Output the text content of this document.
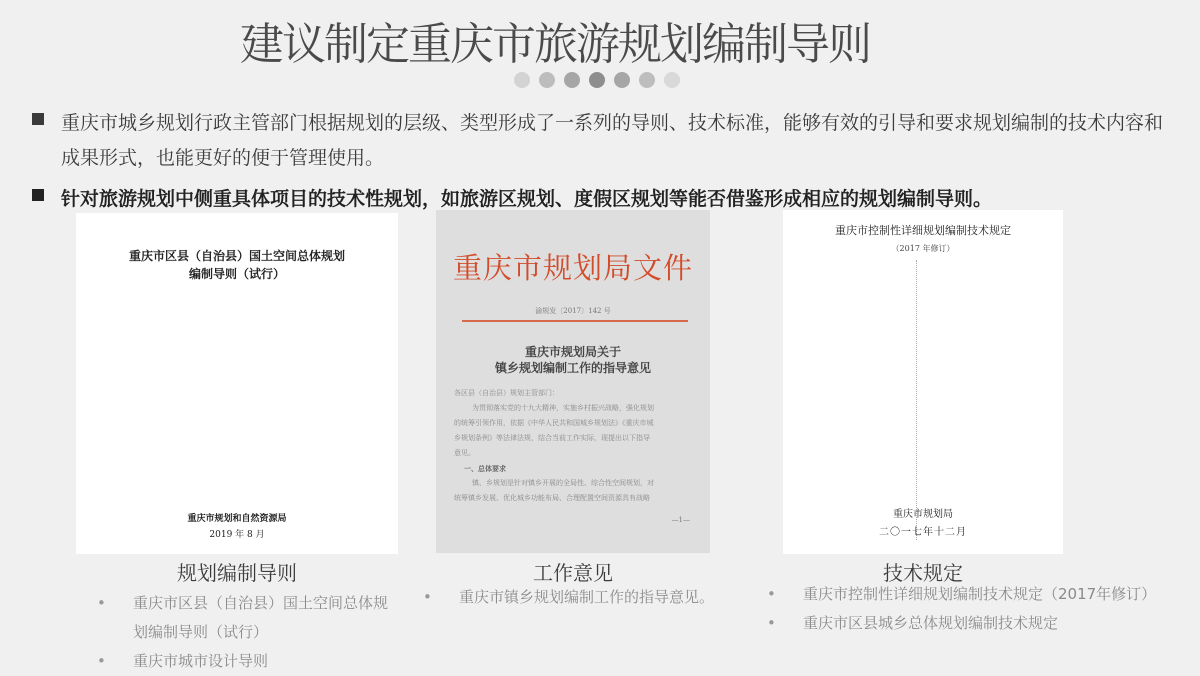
建议制定重庆市旅游规划编制导则
重庆市城乡规划行政主管部门根据规划的层级、类型形成了一系列的导则、技术标准，能够有效的引导和要求规划编制的技术内容和成果形式，也能更好的便于管理使用。
针对旅游规划中侧重具体项目的技术性规划，如旅游区规划、度假区规划等能否借鉴形成相应的规划编制导则。
重庆市区县（自治县）国土空间总体规划
编制导则（试行）
重庆市规划和自然资源局
2019 年 8 月
重庆市规划局文件
渝规发〔2017〕142 号
重庆市规划局关于
镇乡规划编制工作的指导意见
各区县（自治县）规划主管部门：
为贯彻落实党的十九大精神，实施乡村振兴战略，强化规划
的统筹引领作用，依据《中华人民共和国城乡规划法》《重庆市城
乡规划条例》等法律法规，结合当前工作实际，现提出以下指导
意见。
一、总体要求
镇、乡规划是针对镇乡开展的全局性、综合性空间规划，对
统筹镇乡发展、优化城乡功能布局、合理配置空间资源具有战略
—1—
重庆市控制性详细规划编制技术规定
（2017 年修订）
重庆市规划局
二〇一七年十二月
规划编制导则	工作意见	技术规定
• 重庆市区县（自治县）国土空间总体规划编制导则（试行）
• 重庆市城市设计导则
• 重庆市镇乡规划编制工作的指导意见。
•	重庆市控制性详细规划编制技术规定（2017年修订）
• 重庆市区县城乡总体规划编制技术规定
